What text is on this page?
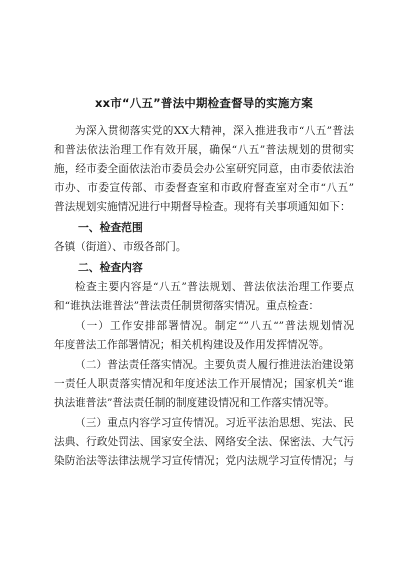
xx市“八五”普法中期检查督导的实施方案
为深入贯彻落实党的XX大精神，深入推进我市“八五”普法
和普法依法治理工作有效开展，确保“八五”普法规划的贯彻实
施，经市委全面依法治市委员会办公室研究同意，由市委依法治
市办、市委宣传部、市委督查室和市政府督查室对全市“八五”
普法规划实施情况进行中期督导检查。现将有关事项通知如下：
一、检查范围
各镇（街道）、市级各部门。
二、检查内容
检查主要内容是“八五”普法规划、普法依法治理工作要点
和“谁执法谁普法”普法责任制贯彻落实情况。重点检查：
（一）工作安排部署情况。制定“”八五“”普法规划情况
年度普法工作部署情况；相关机构建设及作用发挥情况等。
（二）普法责任落实情况。主要负责人履行推进法治建设第
一责任人职责落实情况和年度述法工作开展情况；国家机关“谁
执法谁普法”普法责任制的制度建设情况和工作落实情况等。
（三）重点内容学习宣传情况。习近平法治思想、宪法、民
法典、行政处罚法、国家安全法、网络安全法、保密法、大气污
染防治法等法律法规学习宣传情况；党内法规学习宣传情况；与
